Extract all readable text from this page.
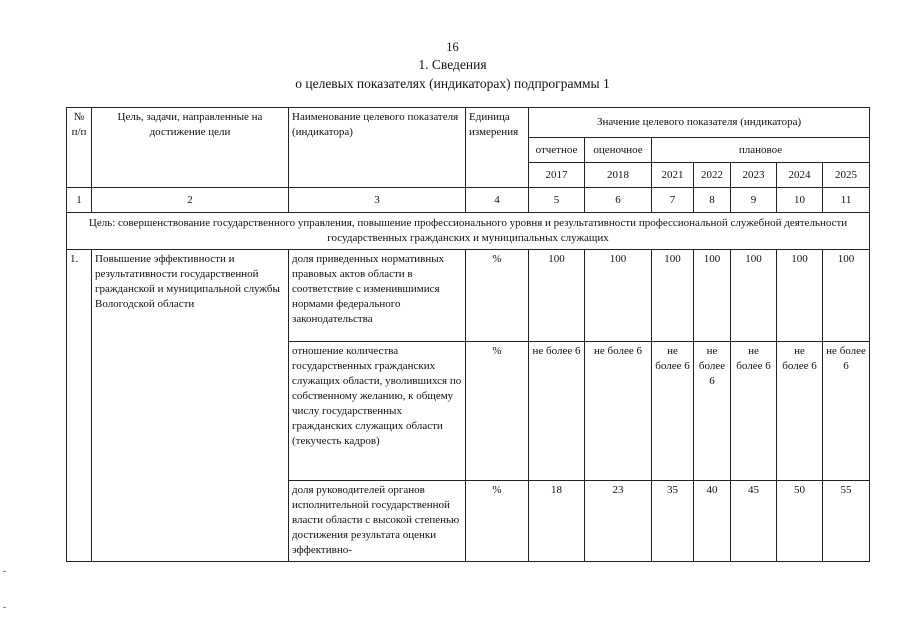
16
1. Сведения
о целевых показателях (индикаторах) подпрограммы 1
№ п/п	Цель, задачи, направленные на достижение цели	Наименование целевого показателя (индикатора)	Единица измерения	Значение целевого показателя (индикатора)						
				отчетное	оценочное	плановое				
				2017	2018	2021	2022	2023	2024	2025
1	2	3	4	5	6	7	8	9	10	11
Цель: совершенствование государственного управления, повышение профессионального уровня и результативности профессиональной служебной деятельности государственных гражданских и муниципальных служащих										
1.	Повышение эффективности и результативности государственной гражданской и муниципальной службы Вологодской области	доля приведенных нормативных правовых актов области в соответствие с изменившимися нормами федерального законодательства	%	100	100	100	100	100	100	100
		отношение количества государственных гражданских служащих области, уволившихся по собственному желанию, к общему числу государственных гражданских служащих области (текучесть кадров)	%	не более 6	не более 6	не более 6	не более 6	не более 6	не более 6	не более 6
		доля руководителей органов исполнительной государственной власти области с высокой степенью достижения результата оценки эффективно-	%	18	23	35	40	45	50	55
